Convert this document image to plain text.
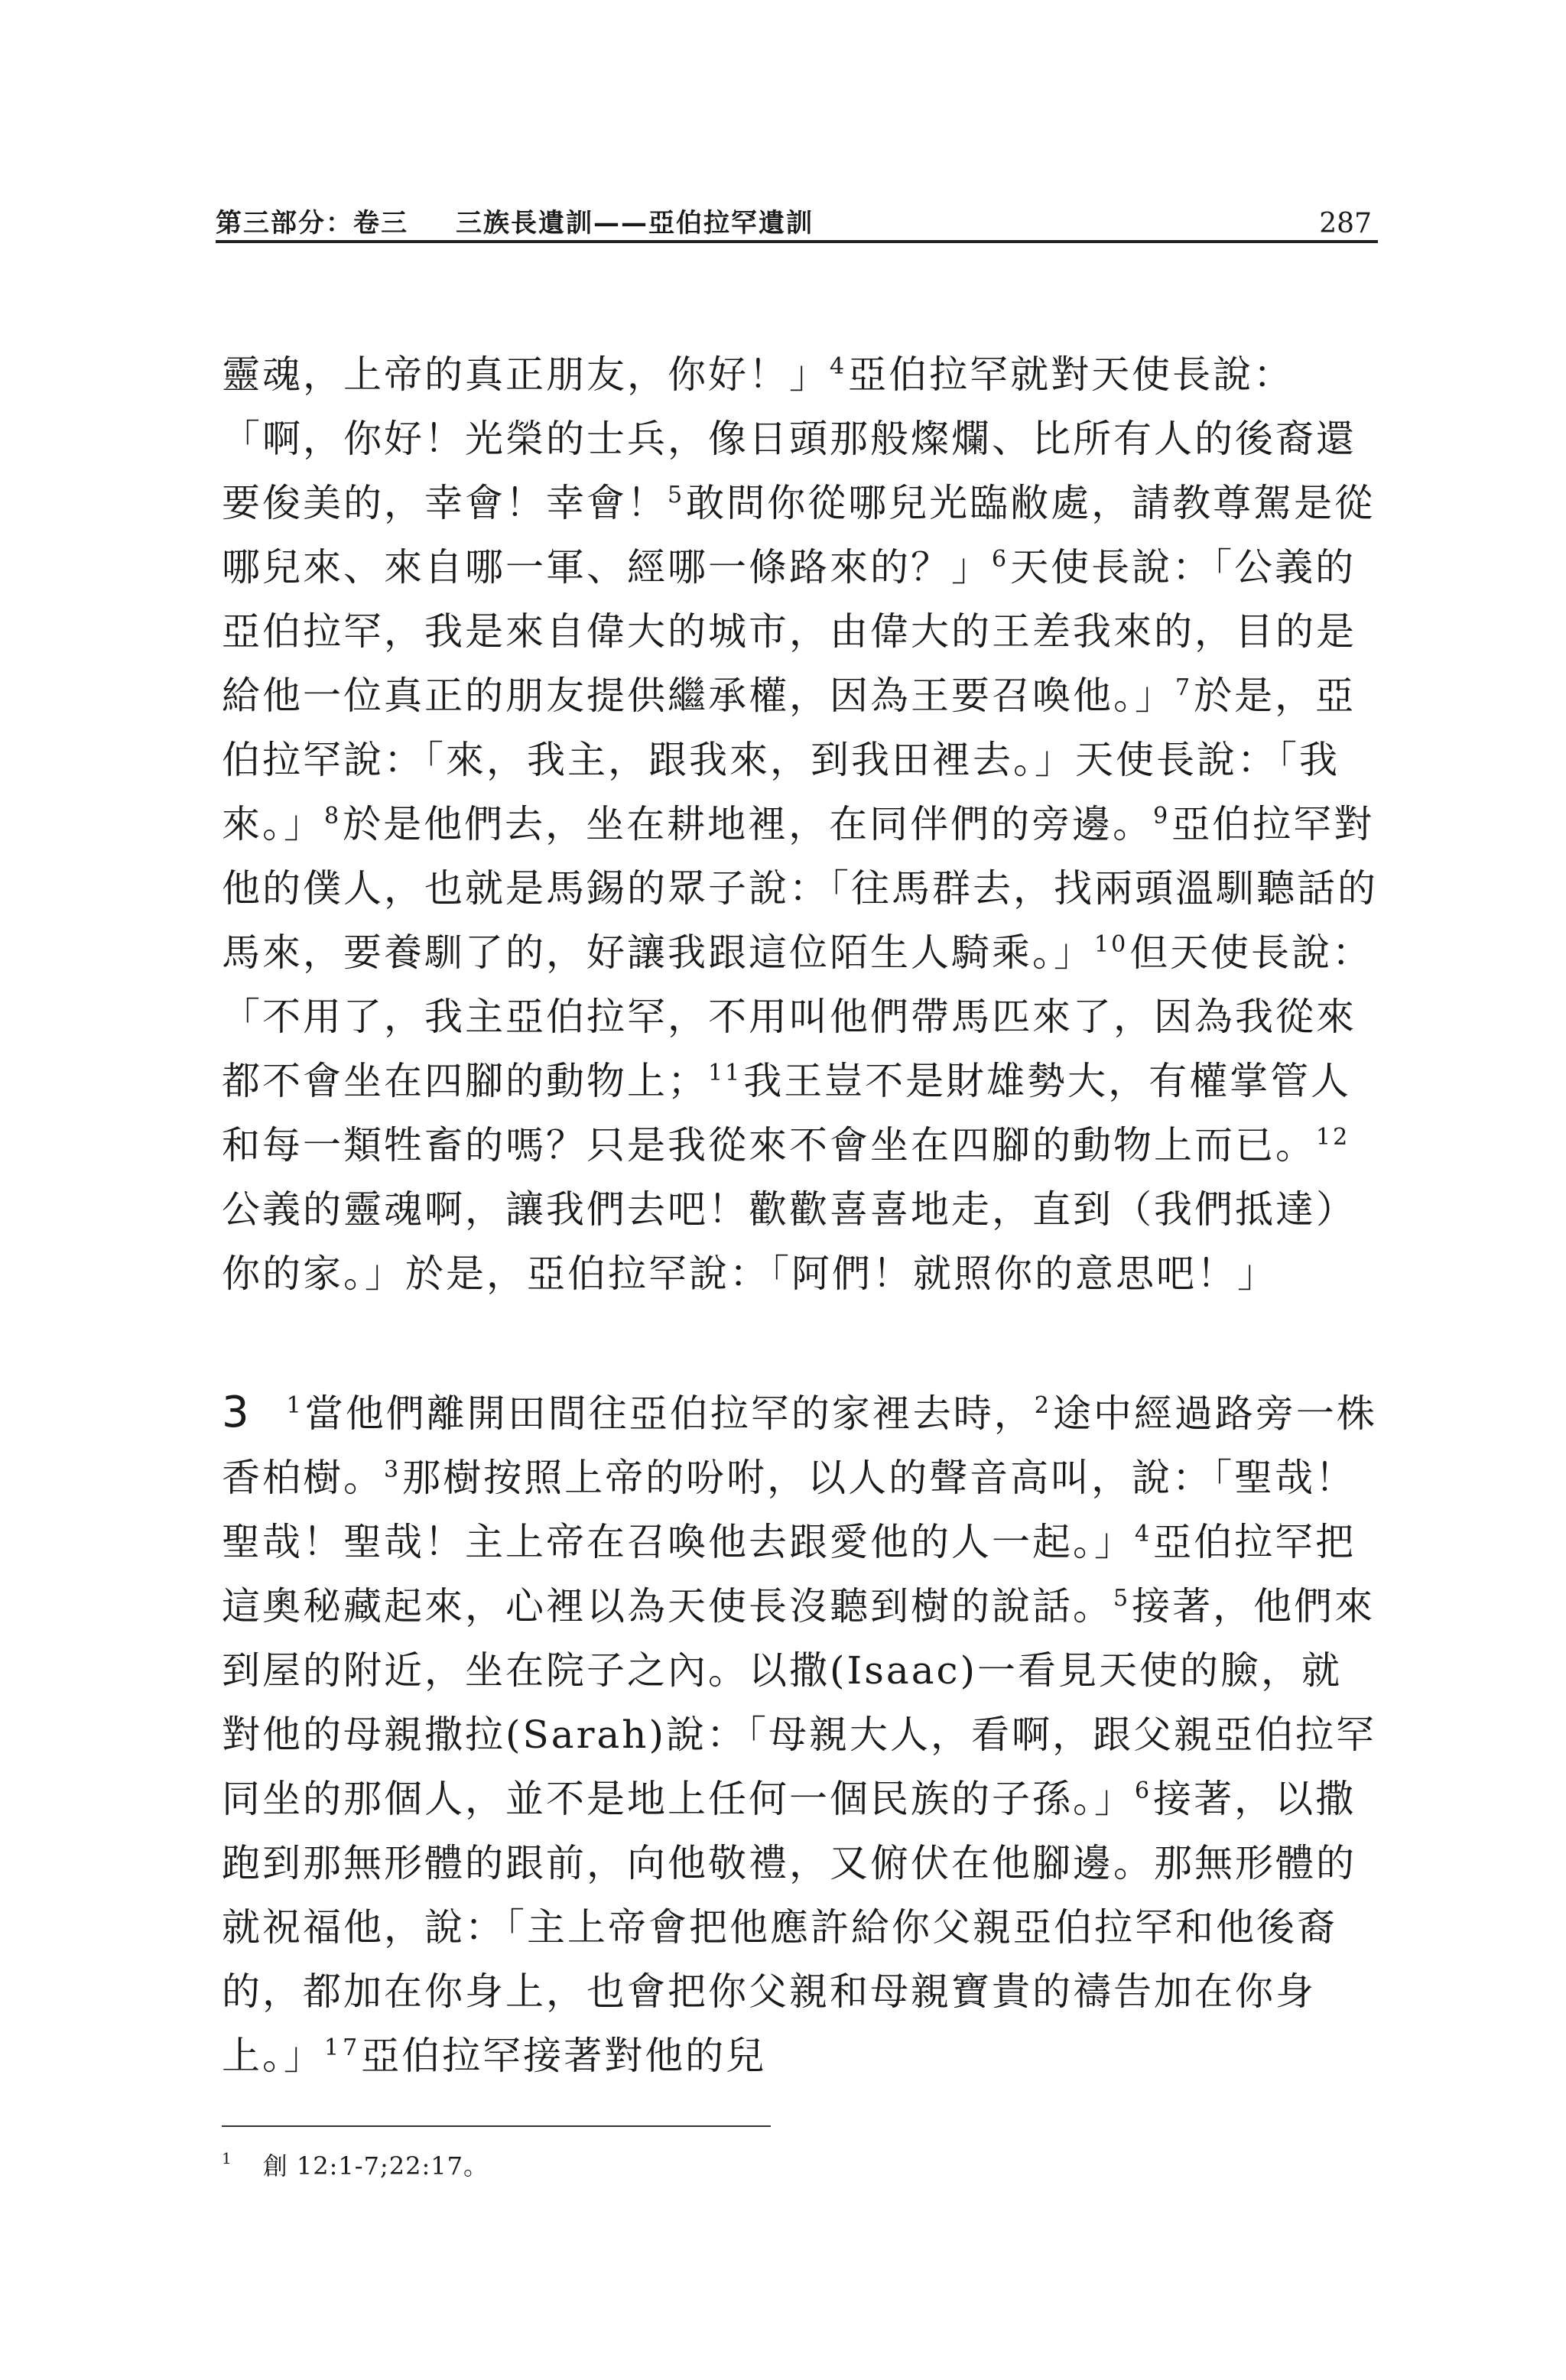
第三部分：卷三 三族長遺訓——亞伯拉罕遺訓	287

靈魂，上帝的真正朋友，你好！」$^4$亞伯拉罕就對天使長說：「啊，你好！光榮的士兵，像日頭那般燦爛、比所有人的後裔還要俊美的，幸會！幸會！$^5$敢問你從哪兒光臨敝處，請教尊駕是從哪兒來、來自哪一軍、經哪一條路來的？」$^6$天使長說：「公義的亞伯拉罕，我是來自偉大的城市，由偉大的王差我來的，目的是給他一位真正的朋友提供繼承權，因為王要召喚他。」$^7$於是，亞伯拉罕說：「來，我主，跟我來，到我田裡去。」天使長說：「我來。」$^8$於是他們去，坐在耕地裡，在同伴們的旁邊。$^9$亞伯拉罕對他的僕人，也就是馬錫的眾子說：「往馬群去，找兩頭溫馴聽話的馬來，要養馴了的，好讓我跟這位陌生人騎乘。」$^{10}$但天使長說：「不用了，我主亞伯拉罕，不用叫他們帶馬匹來了，因為我從來都不會坐在四腳的動物上；$^{11}$我王豈不是財雄勢大，有權掌管人和每一類牲畜的嗎？只是我從來不會坐在四腳的動物上而已。$^{12}$公義的靈魂啊，讓我們去吧！歡歡喜喜地走，直到（我們抵達）你的家。」於是，亞伯拉罕說：「阿們！就照你的意思吧！」

3 $^1$當他們離開田間往亞伯拉罕的家裡去時，$^2$途中經過路旁一株香柏樹。$^3$那樹按照上帝的吩咐，以人的聲音高叫，說：「聖哉！聖哉！聖哉！主上帝在召喚他去跟愛他的人一起。」$^4$亞伯拉罕把這奧秘藏起來，心裡以為天使長沒聽到樹的說話。$^5$接著，他們來到屋的附近，坐在院子之內。以撒(Isaac)一看見天使的臉，就對他的母親撒拉(Sarah)說：「母親大人，看啊，跟父親亞伯拉罕同坐的那個人，並不是地上任何一個民族的子孫。」$^6$接著，以撒跑到那無形體的跟前，向他敬禮，又俯伏在他腳邊。那無形體的就祝福他，說：「主上帝會把他應許給你父親亞伯拉罕和他後裔的，都加在你身上，也會把你父親和母親寶貴的禱告加在你身上。」$^{17}$亞伯拉罕接著對他的兒

$^1$ 創 12:1-7;22:17。
